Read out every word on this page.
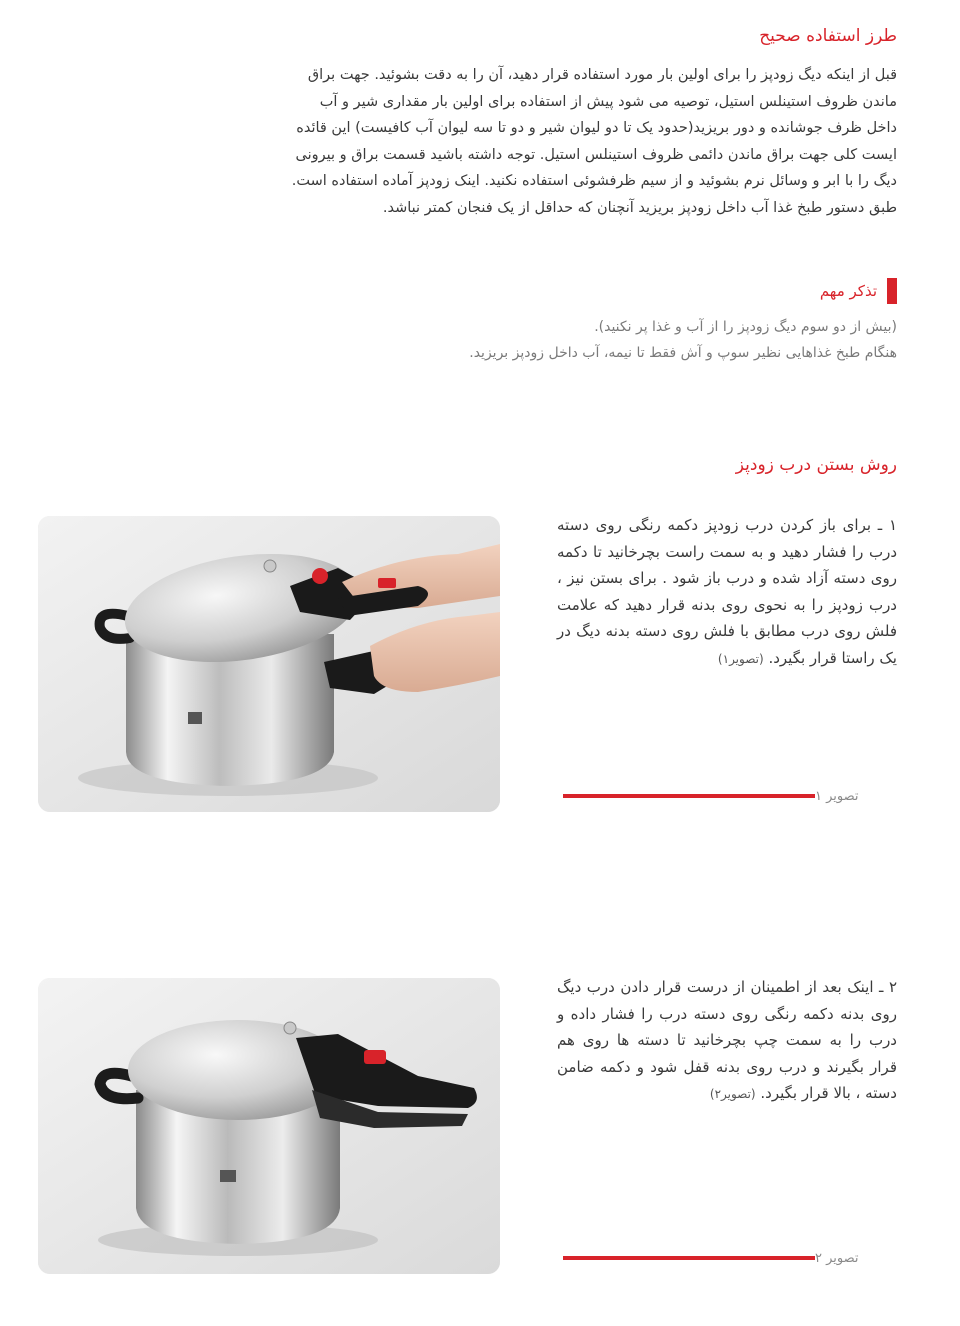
طرز استفاده صحیح

قبل از اینکه دیگ زودپز را برای اولین بار مورد استفاده قرار دهید، آن را به دقت بشوئید. جهت براق

ماندن ظروف استینلس استیل، توصیه می شود پیش از استفاده برای اولین بار مقداری شیر و آب

داخل ظرف جوشانده و دور بریزید(حدود یک تا دو لیوان شیر و دو تا سه لیوان آب کافیست) این قائده

ایست کلی جهت براق ماندن دائمی ظروف استینلس استیل. توجه داشته باشید قسمت براق و بیرونی

دیگ را با ابر و وسائل نرم بشوئید و از سیم ظرفشوئی استفاده نکنید. اینک زودپز آماده استفاده است.

طبق دستور طبخ غذا آب داخل زودپز بریزید آنچنان که حداقل از یک فنجان کمتر نباشد.

تذکر مهم

(بیش از دو سوم دیگ زودپز را از آب و غذا پر نکنید).

هنگام طبخ غذاهایی نظیر سوپ و آش فقط تا نیمه، آب داخل زودپز بریزید.

روش بستن درب زودپز
۱ ـ برای باز کردن درب زودپز دکمه رنگی روی دسته درب را فشار دهید و به سمت راست بچرخانید تا دکمه روی دسته آزاد شده و درب باز شود . برای بستن نیز ، درب زودپز را به نحوی روی بدنه قرار دهید که علامت فلش روی درب مطابق با فلش روی دسته بدنه دیگ در یک راستا قرار بگیرد. (تصویر۱)
تصویر ۱
۲ ـ اینک بعد از اطمینان از درست قرار دادن درب دیگ روی بدنه دکمه رنگی روی دسته درب را فشار داده و درب را به سمت چپ بچرخانید تا دسته ها روی هم قرار بگیرند و درب روی بدنه قفل شود و دکمه ضامن دسته ، بالا قرار بگیرد. (تصویر۲)
تصویر ۲
